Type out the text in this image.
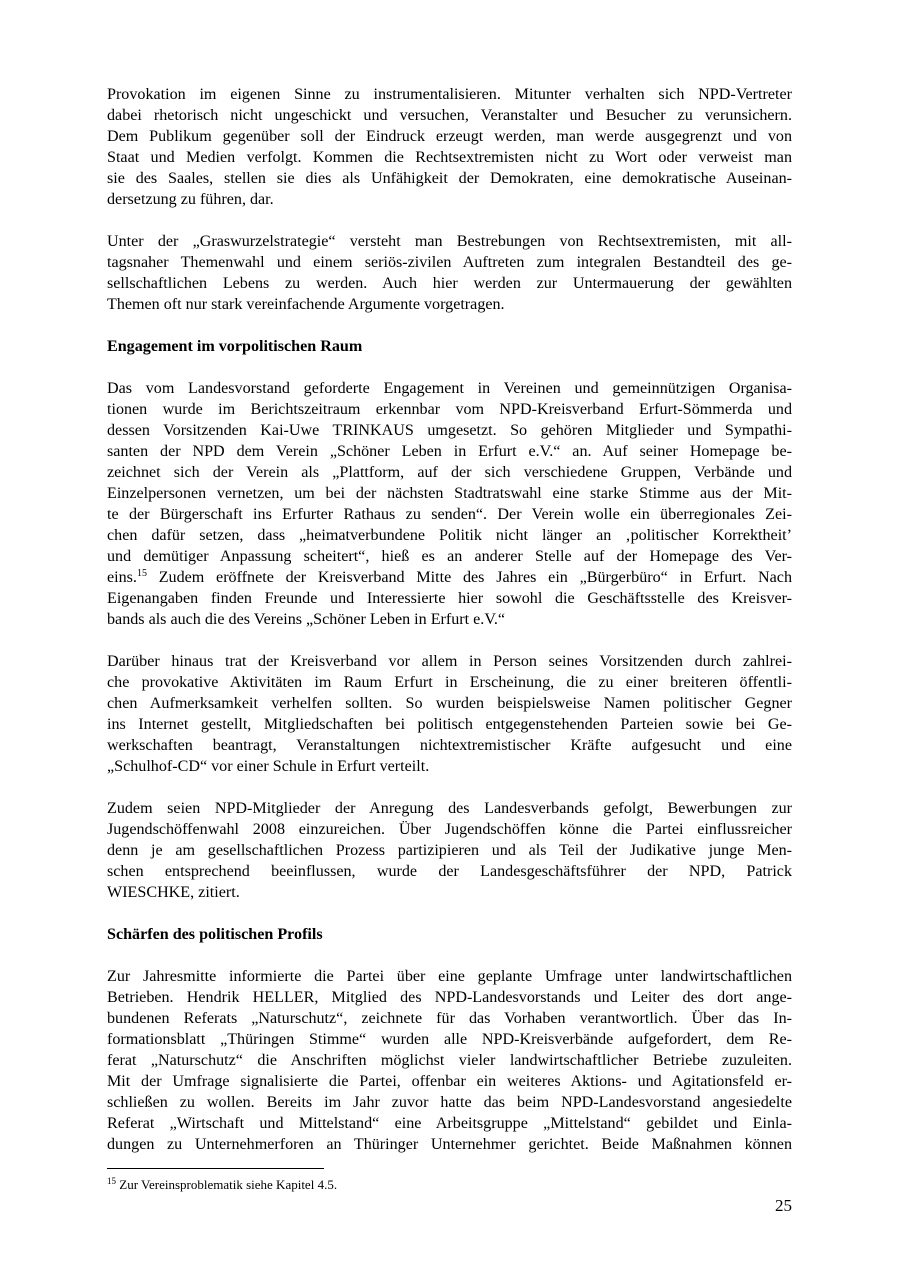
Provokation im eigenen Sinne zu instrumentalisieren. Mitunter verhalten sich NPD-Vertreter
dabei rhetorisch nicht ungeschickt und versuchen, Veranstalter und Besucher zu verunsichern.
Dem Publikum gegenüber soll der Eindruck erzeugt werden, man werde ausgegrenzt und von
Staat und Medien verfolgt. Kommen die Rechtsextremisten nicht zu Wort oder verweist man
sie des Saales, stellen sie dies als Unfähigkeit der Demokraten, eine demokratische Auseinan-
dersetzung zu führen, dar.
Unter der „Graswurzelstrategie“ versteht man Bestrebungen von Rechtsextremisten, mit all-
tagsnaher Themenwahl und einem seriös-zivilen Auftreten zum integralen Bestandteil des ge-
sellschaftlichen Lebens zu werden. Auch hier werden zur Untermauerung der gewählten
Themen oft nur stark vereinfachende Argumente vorgetragen.
Engagement im vorpolitischen Raum
Das vom Landesvorstand geforderte Engagement in Vereinen und gemeinnützigen Organisa-
tionen wurde im Berichtszeitraum erkennbar vom NPD-Kreisverband Erfurt-Sömmerda und
dessen Vorsitzenden Kai-Uwe TRINKAUS umgesetzt. So gehören Mitglieder und Sympathi-
santen der NPD dem Verein „Schöner Leben in Erfurt e.V.“ an. Auf seiner Homepage be-
zeichnet sich der Verein als „Plattform, auf der sich verschiedene Gruppen, Verbände und
Einzelpersonen vernetzen, um bei der nächsten Stadtratswahl eine starke Stimme aus der Mit-
te der Bürgerschaft ins Erfurter Rathaus zu senden“. Der Verein wolle ein überregionales Zei-
chen dafür setzen, dass „heimatverbundene Politik nicht länger an ‚politischer Korrektheit’
und demütiger Anpassung scheitert“, hieß es an anderer Stelle auf der Homepage des Ver-
eins.$^{15}$ Zudem eröffnete der Kreisverband Mitte des Jahres ein „Bürgerbüro“ in Erfurt. Nach
Eigenangaben finden Freunde und Interessierte hier sowohl die Geschäftsstelle des Kreisver-
bands als auch die des Vereins „Schöner Leben in Erfurt e.V.“
Darüber hinaus trat der Kreisverband vor allem in Person seines Vorsitzenden durch zahlrei-
che provokative Aktivitäten im Raum Erfurt in Erscheinung, die zu einer breiteren öffentli-
chen Aufmerksamkeit verhelfen sollten. So wurden beispielsweise Namen politischer Gegner
ins Internet gestellt, Mitgliedschaften bei politisch entgegenstehenden Parteien sowie bei Ge-
werkschaften beantragt, Veranstaltungen nichtextremistischer Kräfte aufgesucht und eine
„Schulhof-CD“ vor einer Schule in Erfurt verteilt.
Zudem seien NPD-Mitglieder der Anregung des Landesverbands gefolgt, Bewerbungen zur
Jugendschöffenwahl 2008 einzureichen. Über Jugendschöffen könne die Partei einflussreicher
denn je am gesellschaftlichen Prozess partizipieren und als Teil der Judikative junge Men-
schen entsprechend beeinflussen, wurde der Landesgeschäftsführer der NPD, Patrick
WIESCHKE, zitiert.
Schärfen des politischen Profils
Zur Jahresmitte informierte die Partei über eine geplante Umfrage unter landwirtschaftlichen
Betrieben. Hendrik HELLER, Mitglied des NPD-Landesvorstands und Leiter des dort ange-
bundenen Referats „Naturschutz“, zeichnete für das Vorhaben verantwortlich. Über das In-
formationsblatt „Thüringen Stimme“ wurden alle NPD-Kreisverbände aufgefordert, dem Re-
ferat „Naturschutz“ die Anschriften möglichst vieler landwirtschaftlicher Betriebe zuzuleiten.
Mit der Umfrage signalisierte die Partei, offenbar ein weiteres Aktions- und Agitationsfeld er-
schließen zu wollen. Bereits im Jahr zuvor hatte das beim NPD-Landesvorstand angesiedelte
Referat „Wirtschaft und Mittelstand“ eine Arbeitsgruppe „Mittelstand“ gebildet und Einla-
dungen zu Unternehmerforen an Thüringer Unternehmer gerichtet. Beide Maßnahmen können
$^{15}$ Zur Vereinsproblematik siehe Kapitel 4.5.
25
